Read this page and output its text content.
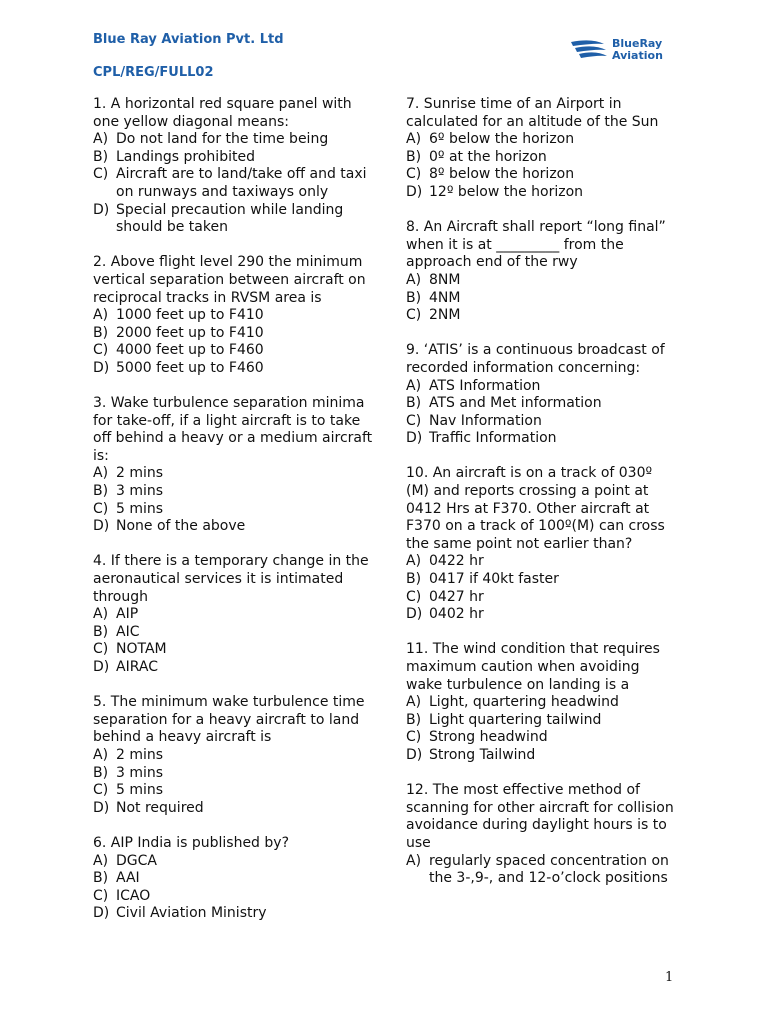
Blue Ray Aviation Pvt. Ltd
CPL/REG/FULL02
BlueRay
Aviation

1. A horizontal red square panel with one yellow diagonal means:

A) Do not land for the time being
B) Landings prohibited
C) Aircraft are to land/take off and taxi on runways and taxiways only
D) Special precaution while landing should be taken

2. Above flight level 290 the minimum vertical separation between aircraft on reciprocal tracks in RVSM area is

A) 1000 feet up to F410
B) 2000 feet up to F410
C) 4000 feet up to F460
D) 5000 feet up to F460

3. Wake turbulence separation minima for take-off, if a light aircraft is to take off behind a heavy or a medium aircraft is:

A) 2 mins
B) 3 mins
C) 5 mins
D) None of the above

4. If there is a temporary change in the aeronautical services it is intimated through

A) AIP
B) AIC
C) NOTAM
D) AIRAC

5. The minimum wake turbulence time separation for a heavy aircraft to land behind a heavy aircraft is

A) 2 mins
B) 3 mins
C) 5 mins
D) Not required

6. AIP India is published by?

A) DGCA
B) AAI
C) ICAO
D) Civil Aviation Ministry

7. Sunrise time of an Airport in calculated for an altitude of the Sun

A) 6º below the horizon
B) 0º at the horizon
C) 8º below the horizon
D) 12º below the horizon

8. An Aircraft shall report “long final” when it is at _________ from the approach end of the rwy

A) 8NM
B) 4NM
C) 2NM

9. ‘ATIS’ is a continuous broadcast of recorded information concerning:

A) ATS Information
B) ATS and Met information
C) Nav Information
D) Traffic Information

10. An aircraft is on a track of 030º (M) and reports crossing a point at 0412 Hrs at F370. Other aircraft at F370 on a track of 100º(M) can cross the same point not earlier than?

A) 0422 hr
B) 0417 if 40kt faster
C) 0427 hr
D) 0402 hr

11. The wind condition that requires maximum caution when avoiding wake turbulence on landing is a

A) Light, quartering headwind
B) Light quartering tailwind
C) Strong headwind
D) Strong Tailwind

12. The most effective method of scanning for other aircraft for collision avoidance during daylight hours is to use

A) regularly spaced concentration on the 3-,9-, and 12-o’clock positions
1
